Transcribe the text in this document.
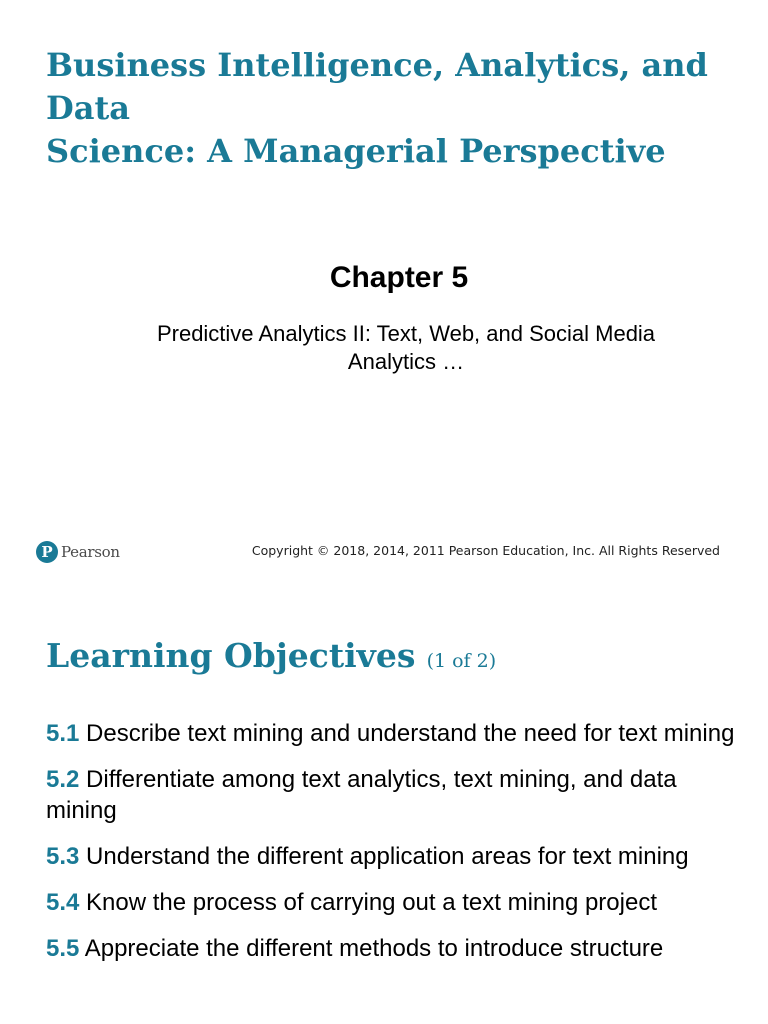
Business Intelligence, Analytics, and Data
Science: A Managerial Perspective
Chapter 5

Predictive Analytics II: Text, Web, and Social Media
Analytics …

P Pearson	Copyright © 2018, 2014, 2011 Pearson Education, Inc. All Rights Reserved

Learning Objectives (1 of 2)
5.1 Describe text mining and understand the need for text mining
5.2 Differentiate among text analytics, text mining, and data mining
5.3 Understand the different application areas for text mining
5.4 Know the process of carrying out a text mining project
5.5 Appreciate the different methods to introduce structure
